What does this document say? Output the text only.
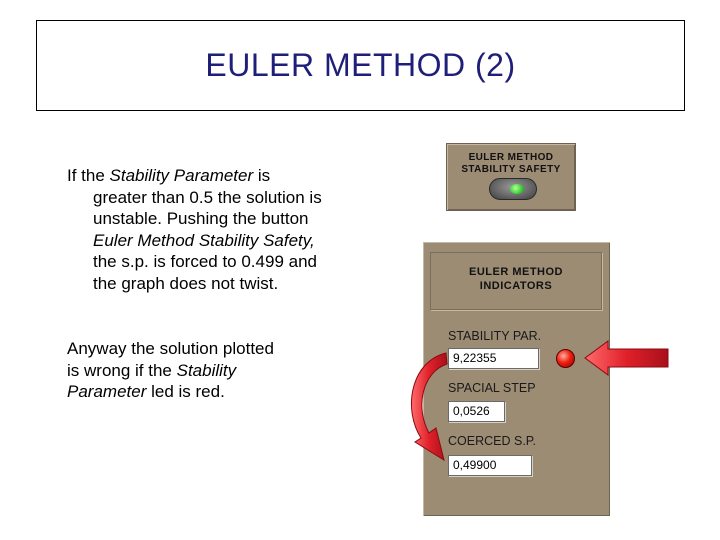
EULER METHOD (2)
If the Stability Parameter is
greater than 0.5 the solution is
unstable. Pushing the button
Euler Method Stability Safety,
the s.p. is forced to 0.499 and
the graph does not twist.
Anyway the solution plotted
is wrong if the Stability
Parameter led is red.
EULER METHOD
STABILITY SAFETY
EULER METHOD
INDICATORS
STABILITY PAR.
9,22355
SPACIAL STEP
0,0526
COERCED S.P.
0,49900
